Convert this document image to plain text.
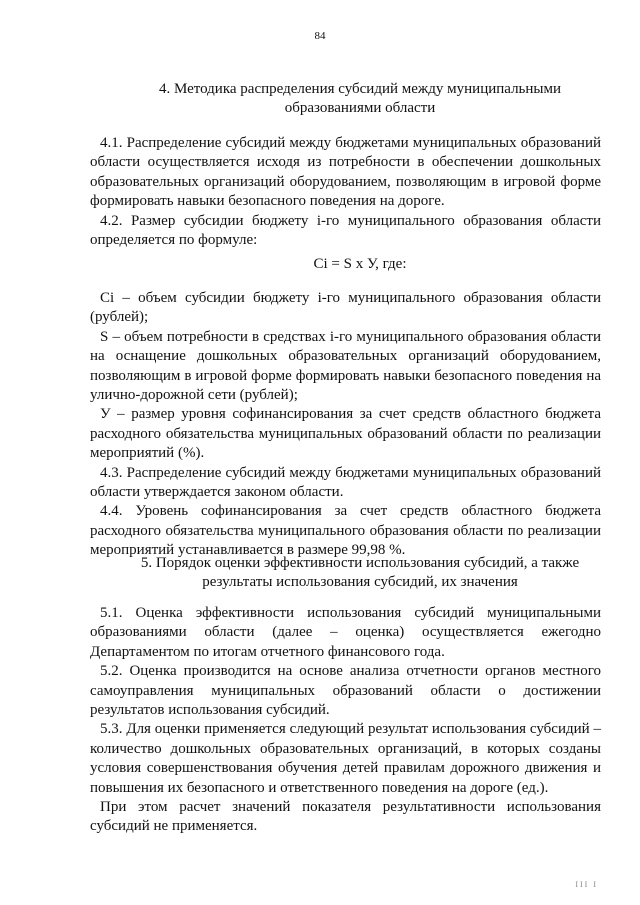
84
4. Методика распределения субсидий между муниципальными
образованиями области

4.1. Распределение субсидий между бюджетами муниципальных образований области осуществляется исходя из потребности в обеспечении дошкольных образовательных организаций оборудованием, позволяющим в игровой форме формировать навыки безопасного поведения на дороге.

4.2. Размер субсидии бюджету i-го муниципального образования области определяется по формуле:

Ci = S x У, где:

Ci – объем субсидии бюджету i-го муниципального образования области (рублей);

S – объем потребности в средствах i-го муниципального образования области на оснащение дошкольных образовательных организаций оборудованием, позволяющим в игровой форме формировать навыки безопасного поведения на улично-дорожной сети (рублей);

У – размер уровня софинансирования за счет средств областного бюджета расходного обязательства муниципальных образований области по реализации мероприятий (%).

4.3. Распределение субсидий между бюджетами муниципальных образований области утверждается законом области.

4.4. Уровень софинансирования за счет средств областного бюджета расходного обязательства муниципального образования области по реализации мероприятий устанавливается в размере 99,98 %.

5. Порядок оценки эффективности использования субсидий, а также
результаты использования субсидий, их значения

5.1. Оценка эффективности использования субсидий муниципальными образованиями области (далее – оценка) осуществляется ежегодно Департаментом по итогам отчетного финансового года.

5.2. Оценка производится на основе анализа отчетности органов местного самоуправления муниципальных образований области о достижении результатов использования субсидий.

5.3. Для оценки применяется следующий результат использования субсидий – количество дошкольных образовательных организаций, в которых созданы условия совершенствования обучения детей правилам дорожного движения и повышения их безопасного и ответственного поведения на дороге (ед.).

При этом расчет значений показателя результативности использования субсидий не применяется.

III I
